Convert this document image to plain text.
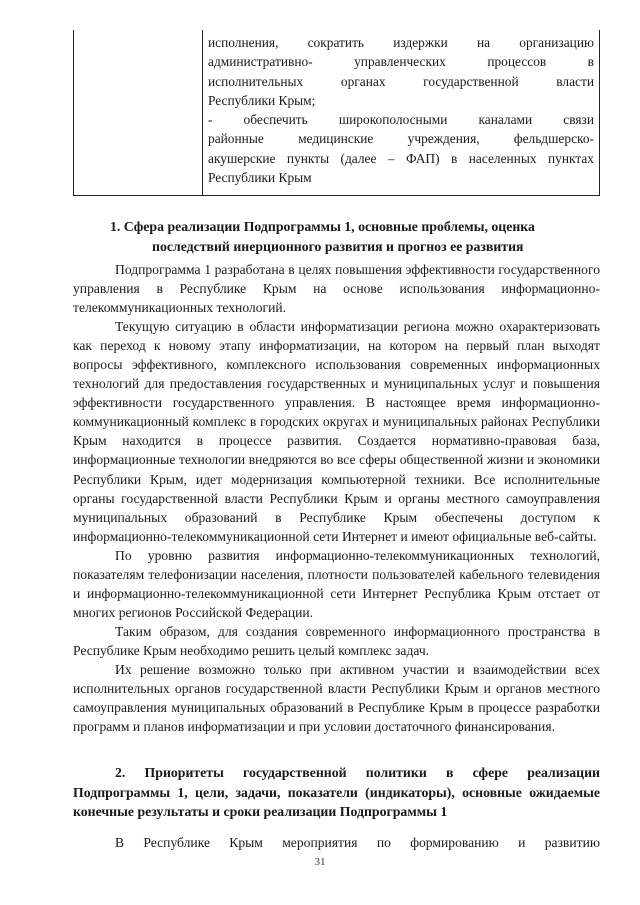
исполнения, сократить издержки на организацию

административно- управленческих процессов в

исполнительных органах государственной власти

Республики Крым;

- обеспечить широкополосными каналами связи

районные медицинские учреждения, фельдшерско-

акушерские пункты (далее – ФАП) в населенных пунктах

Республики Крым

1. Сфера реализации Подпрограммы 1, основные проблемы, оценка

последствий инерционного развития и прогноз ее развития

Подпрограмма 1 разработана в целях повышения эффективности государственного управления в Республике Крым на основе использования информационно-телекоммуникационных технологий.

Текущую ситуацию в области информатизации региона можно охарактеризовать как переход к новому этапу информатизации, на котором на первый план выходят вопросы эффективного, комплексного использования современных информационных технологий для предоставления государственных и муниципальных услуг и повышения эффективности государственного управления. В настоящее время информационно-коммуникационный комплекс в городских округах и муниципальных районах Республики Крым находится в процессе развития. Создается нормативно-правовая база, информационные технологии внедряются во все сферы общественной жизни и экономики Республики Крым, идет модернизация компьютерной техники. Все исполнительные органы государственной власти Республики Крым и органы местного самоуправления муниципальных образований в Республике Крым обеспечены доступом к информационно-телекоммуникационной сети Интернет и имеют официальные веб-сайты.

По уровню развития информационно-телекоммуникационных технологий, показателям телефонизации населения, плотности пользователей кабельного телевидения и информационно-телекоммуникационной сети Интернет Республика Крым отстает от многих регионов Российской Федерации.

Таким образом, для создания современного информационного пространства в Республике Крым необходимо решить целый комплекс задач.

Их решение возможно только при активном участии и взаимодействии всех исполнительных органов государственной власти Республики Крым и органов местного самоуправления муниципальных образований в Республике Крым в процессе разработки программ и планов информатизации и при условии достаточного финансирования.

2. Приоритеты государственной политики в сфере реализации Подпрограммы 1, цели, задачи, показатели (индикаторы), основные ожидаемые конечные результаты и сроки реализации Подпрограммы 1
В Республике Крым мероприятия по формированию и развитию
31
